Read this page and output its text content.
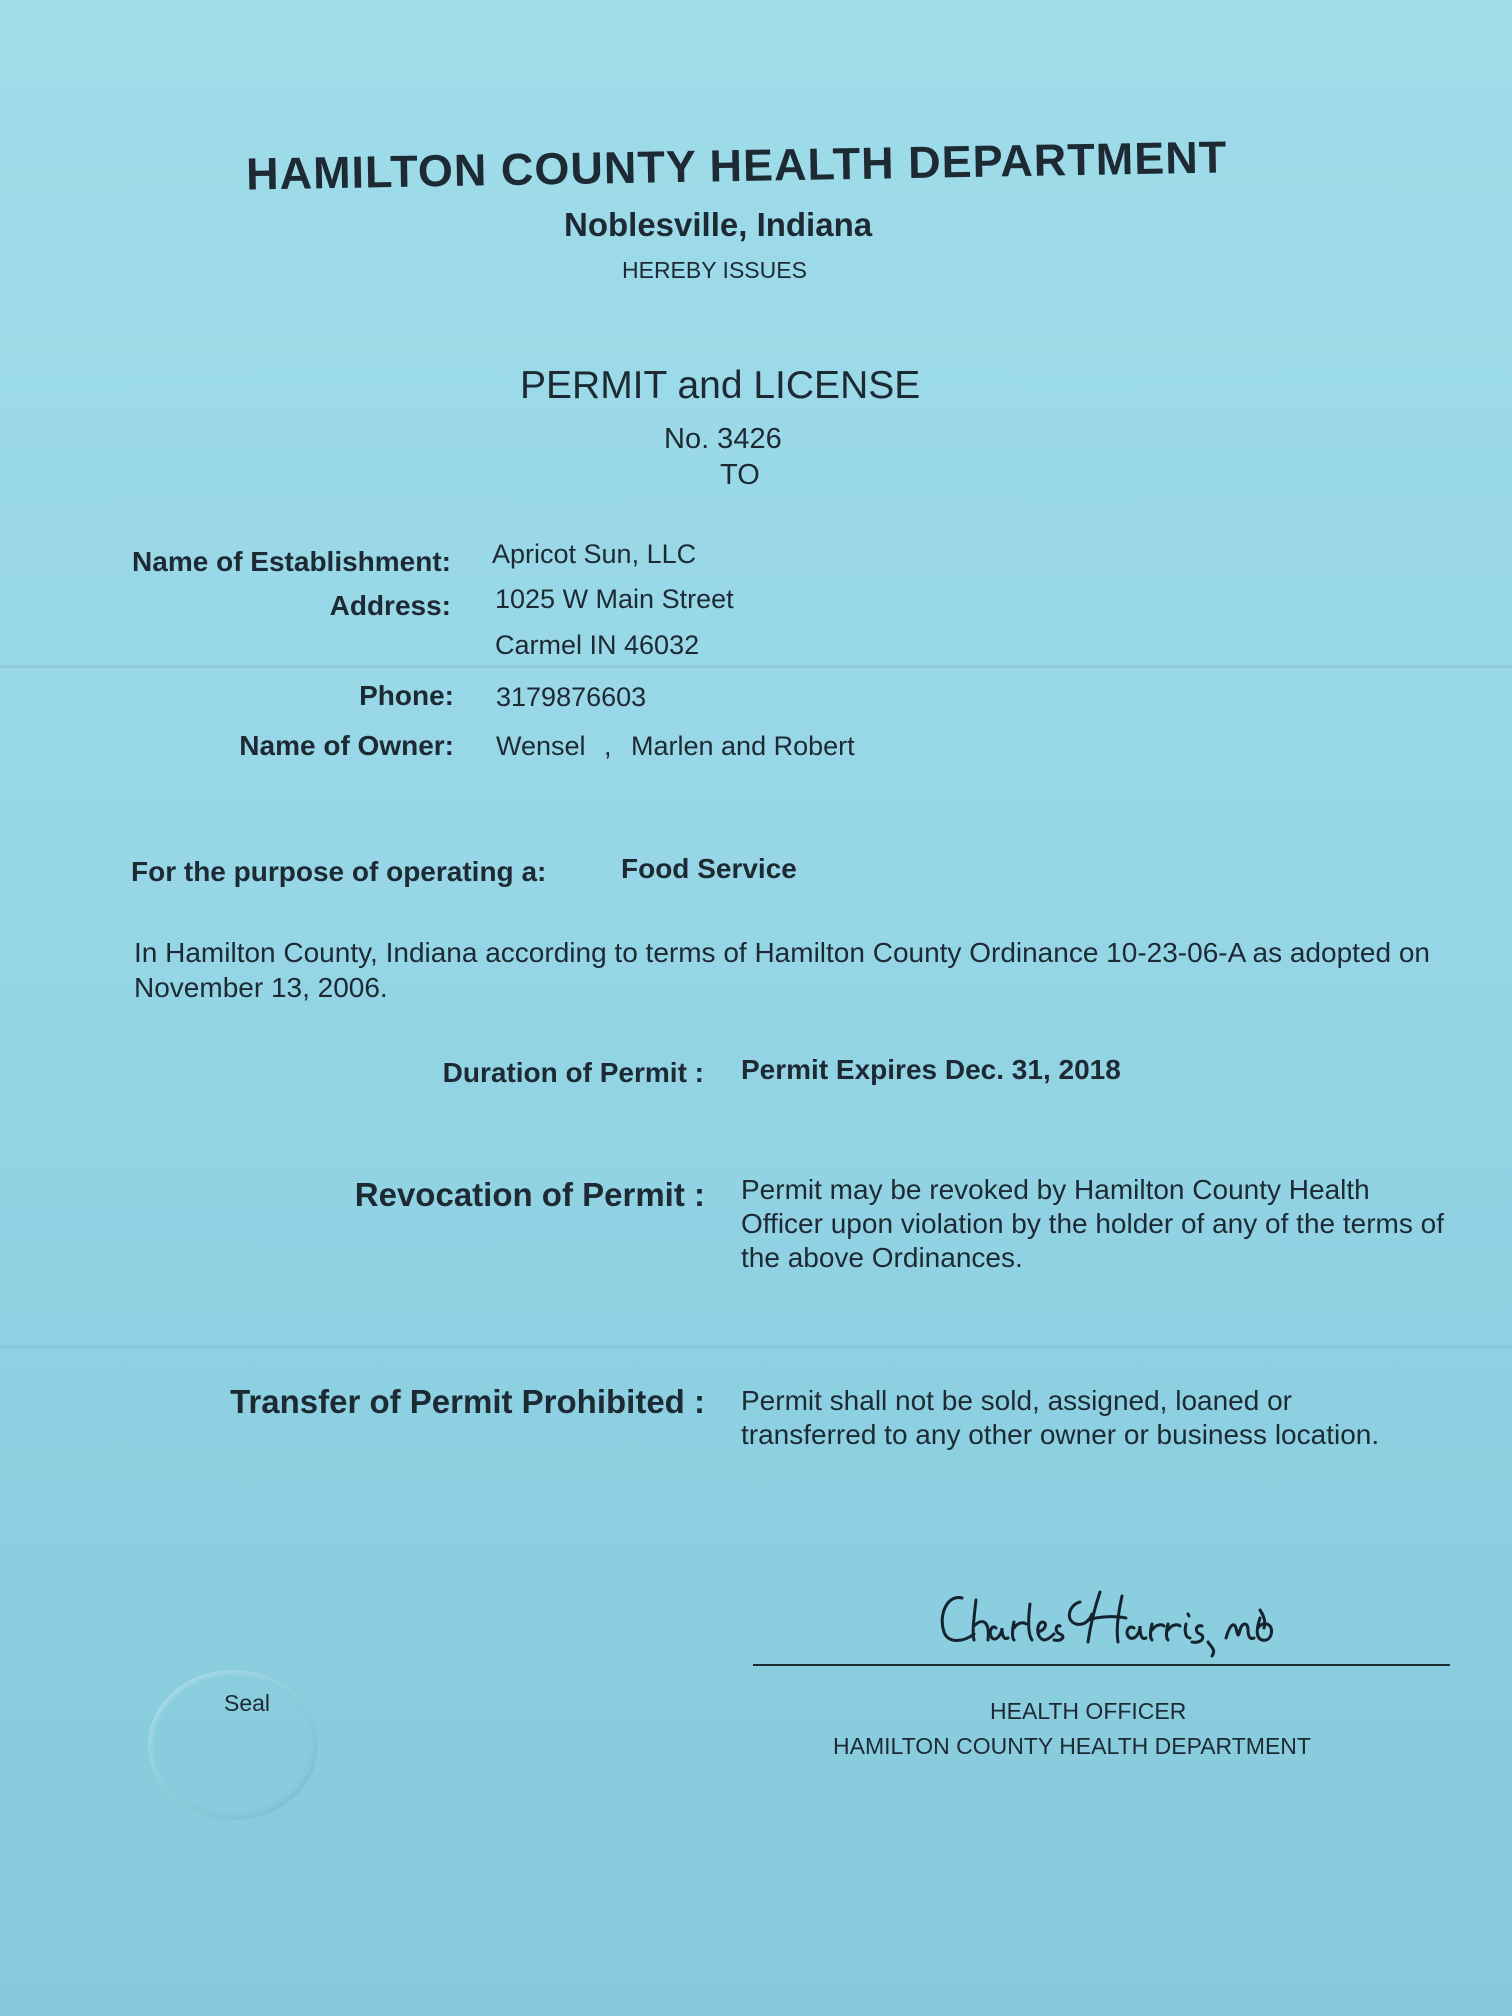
HAMILTON COUNTY HEALTH DEPARTMENT
Noblesville, Indiana
HEREBY ISSUES
PERMIT and LICENSE
No. 3426
TO
Name of Establishment: Apricot Sun, LLC
Address: 1025 W Main Street
Carmel IN 46032
Phone: 3179876603
Name of Owner: Wensel , Marlen and Robert
For the purpose of operating a:	Food Service
In Hamilton County, Indiana according to terms of Hamilton County Ordinance 10-23-06-A as adopted on November 13, 2006.
Duration of Permit : Permit Expires Dec. 31, 2018
Revocation of Permit : Permit may be revoked by Hamilton County Health Officer upon violation by the holder of any of the terms of the above Ordinances.
Transfer of Permit Prohibited : Permit shall not be sold, assigned, loaned or transferred to any other owner or business location.
HEALTH OFFICER
HAMILTON COUNTY HEALTH DEPARTMENT
Seal
